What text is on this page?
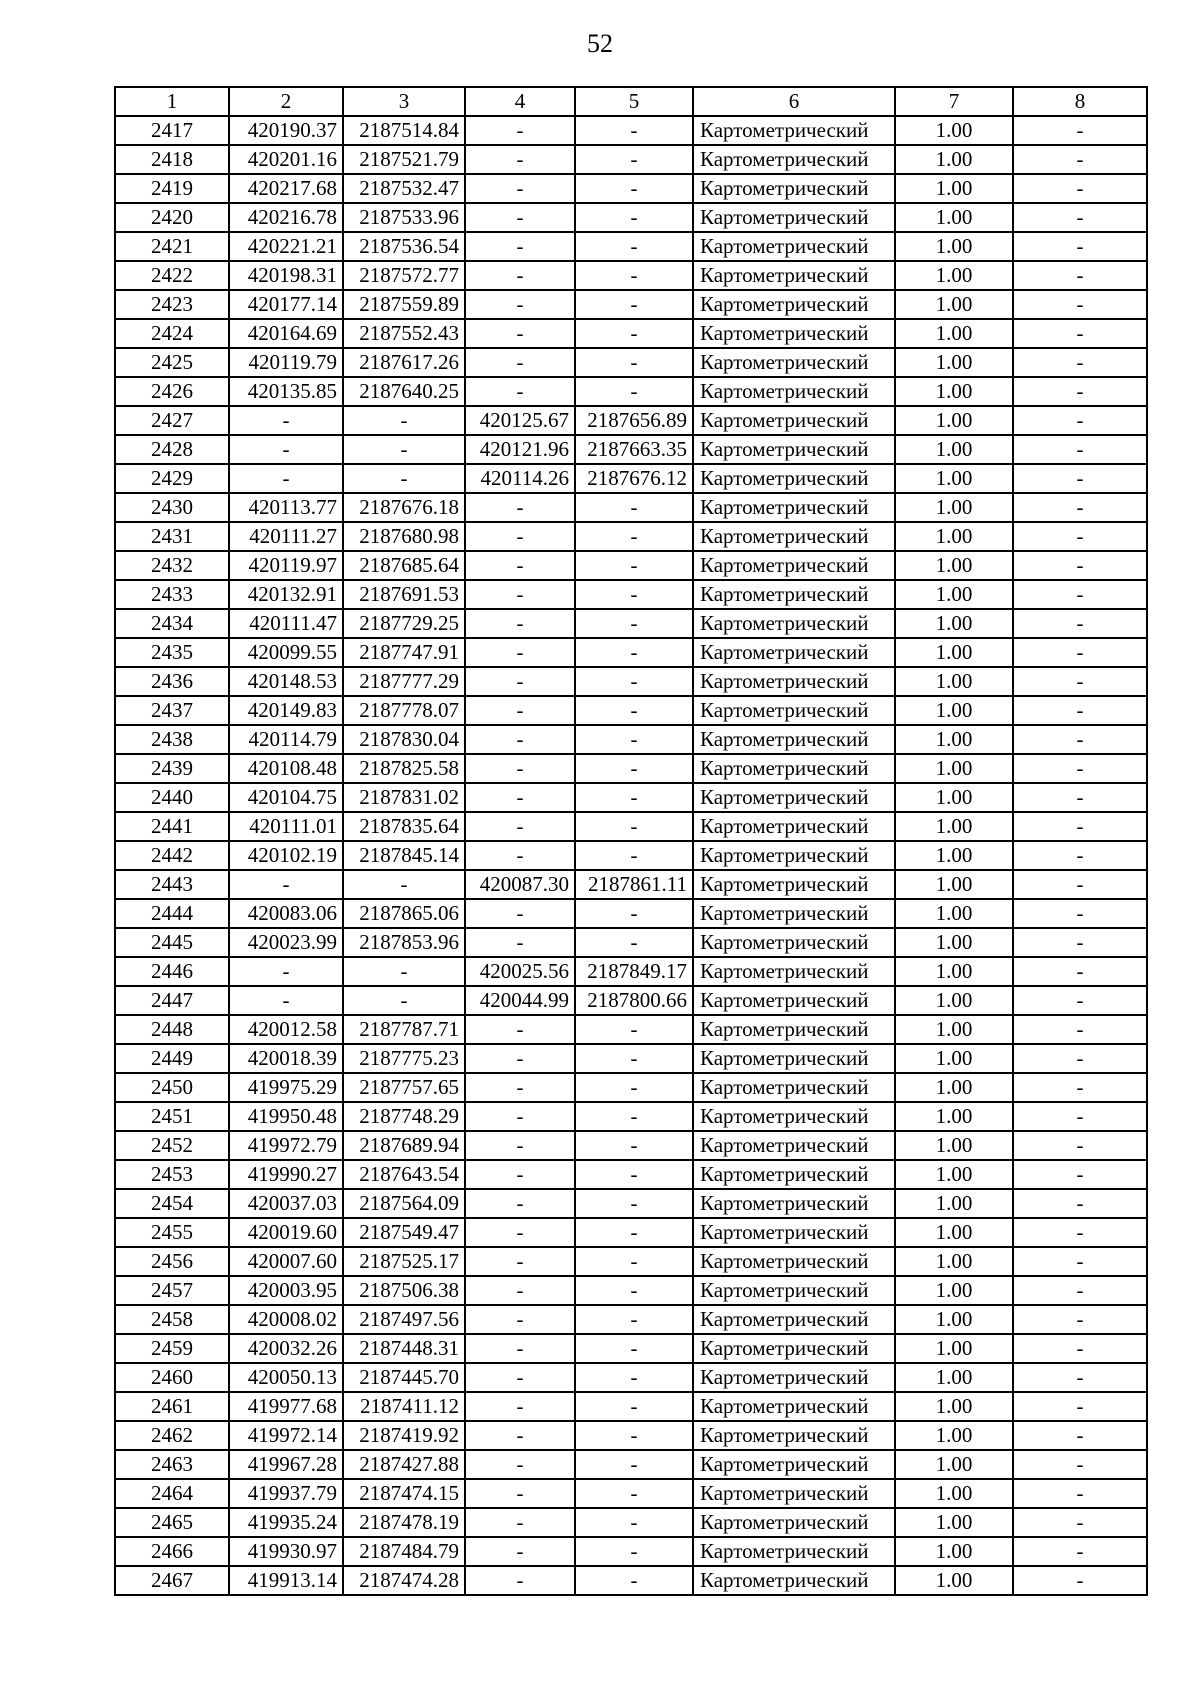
52
1	2	3	4	5	6	7	8
2417	420190.37	2187514.84	-	-	Картометрический	1.00	-
2418	420201.16	2187521.79	-	-	Картометрический	1.00	-
2419	420217.68	2187532.47	-	-	Картометрический	1.00	-
2420	420216.78	2187533.96	-	-	Картометрический	1.00	-
2421	420221.21	2187536.54	-	-	Картометрический	1.00	-
2422	420198.31	2187572.77	-	-	Картометрический	1.00	-
2423	420177.14	2187559.89	-	-	Картометрический	1.00	-
2424	420164.69	2187552.43	-	-	Картометрический	1.00	-
2425	420119.79	2187617.26	-	-	Картометрический	1.00	-
2426	420135.85	2187640.25	-	-	Картометрический	1.00	-
2427	-	-	420125.67	2187656.89	Картометрический	1.00	-
2428	-	-	420121.96	2187663.35	Картометрический	1.00	-
2429	-	-	420114.26	2187676.12	Картометрический	1.00	-
2430	420113.77	2187676.18	-	-	Картометрический	1.00	-
2431	420111.27	2187680.98	-	-	Картометрический	1.00	-
2432	420119.97	2187685.64	-	-	Картометрический	1.00	-
2433	420132.91	2187691.53	-	-	Картометрический	1.00	-
2434	420111.47	2187729.25	-	-	Картометрический	1.00	-
2435	420099.55	2187747.91	-	-	Картометрический	1.00	-
2436	420148.53	2187777.29	-	-	Картометрический	1.00	-
2437	420149.83	2187778.07	-	-	Картометрический	1.00	-
2438	420114.79	2187830.04	-	-	Картометрический	1.00	-
2439	420108.48	2187825.58	-	-	Картометрический	1.00	-
2440	420104.75	2187831.02	-	-	Картометрический	1.00	-
2441	420111.01	2187835.64	-	-	Картометрический	1.00	-
2442	420102.19	2187845.14	-	-	Картометрический	1.00	-
2443	-	-	420087.30	2187861.11	Картометрический	1.00	-
2444	420083.06	2187865.06	-	-	Картометрический	1.00	-
2445	420023.99	2187853.96	-	-	Картометрический	1.00	-
2446	-	-	420025.56	2187849.17	Картометрический	1.00	-
2447	-	-	420044.99	2187800.66	Картометрический	1.00	-
2448	420012.58	2187787.71	-	-	Картометрический	1.00	-
2449	420018.39	2187775.23	-	-	Картометрический	1.00	-
2450	419975.29	2187757.65	-	-	Картометрический	1.00	-
2451	419950.48	2187748.29	-	-	Картометрический	1.00	-
2452	419972.79	2187689.94	-	-	Картометрический	1.00	-
2453	419990.27	2187643.54	-	-	Картометрический	1.00	-
2454	420037.03	2187564.09	-	-	Картометрический	1.00	-
2455	420019.60	2187549.47	-	-	Картометрический	1.00	-
2456	420007.60	2187525.17	-	-	Картометрический	1.00	-
2457	420003.95	2187506.38	-	-	Картометрический	1.00	-
2458	420008.02	2187497.56	-	-	Картометрический	1.00	-
2459	420032.26	2187448.31	-	-	Картометрический	1.00	-
2460	420050.13	2187445.70	-	-	Картометрический	1.00	-
2461	419977.68	2187411.12	-	-	Картометрический	1.00	-
2462	419972.14	2187419.92	-	-	Картометрический	1.00	-
2463	419967.28	2187427.88	-	-	Картометрический	1.00	-
2464	419937.79	2187474.15	-	-	Картометрический	1.00	-
2465	419935.24	2187478.19	-	-	Картометрический	1.00	-
2466	419930.97	2187484.79	-	-	Картометрический	1.00	-
2467	419913.14	2187474.28	-	-	Картометрический	1.00	-
